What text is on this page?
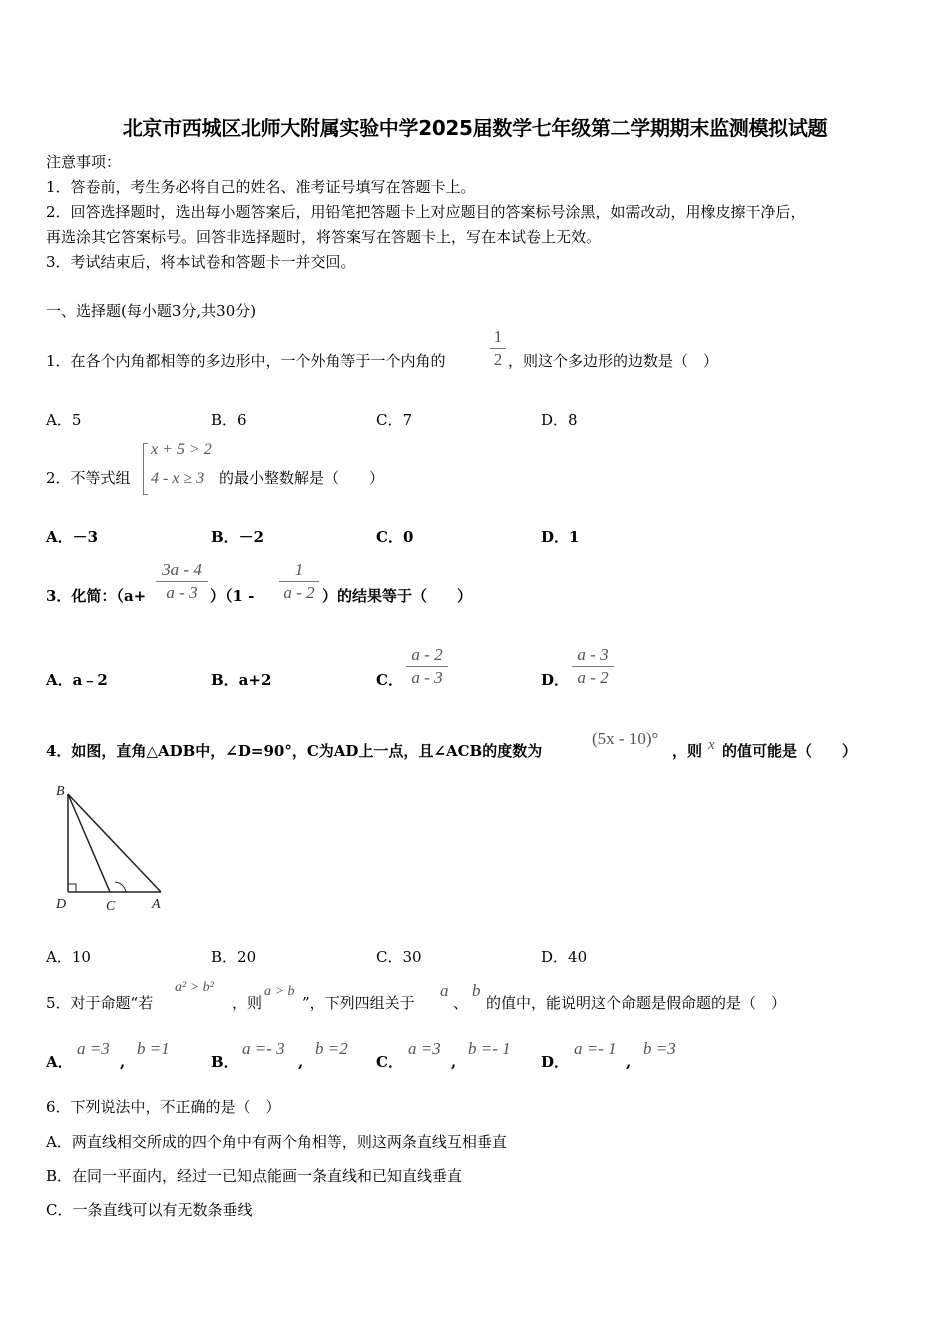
北京市西城区北师大附属实验中学2025届数学七年级第二学期期末监测模拟试题
注意事项：
1．答卷前，考生务必将自己的姓名、准考证号填写在答题卡上。
2．回答选择题时，选出每小题答案后，用铅笔把答题卡上对应题目的答案标号涂黑，如需改动，用橡皮擦干净后，
再选涂其它答案标号。回答非选择题时，将答案写在答题卡上，写在本试卷上无效。
3．考试结束后，将本试卷和答题卡一并交回。
一、选择题(每小题3分,共30分)
1．在各个内角都相等的多边形中，一个外角等于一个内角的
1
2 ，则这个多边形的边数是（　）
A．5	B．6	C．7	D．8
2．不等式组
x + 5 > 2
4 - x ≥ 3 的最小整数解是（　　）
A．－3	B．－2	C．0	D．1
3．化简：（a+
3a - 4
a - 3 ）（1 -
1
a - 2 ）的结果等于（　　）
A．a﹣2	B．a+2	C．
a - 2
a - 3	D．
a - 3
a - 2
4．如图，直角△ADB中，∠D=90°，C为AD上一点，且∠ACB的度数为
(5x - 10)°
，则 x 的值可能是（　　）
B
D	C	A
A．10	B．20	C．30	D．40
5．对于命题“若
a² > b²
，则
a > b
”，下列四组关于
a
、
b
的值中，能说明这个命题是假命题的是（　）
A．
a =3
,
b =1
B．
a =- 3
,
b =2
C．
a =3
,
b =- 1
D．
a =- 1
,
b =3
6．下列说法中，不正确的是（　）
A．两直线相交所成的四个角中有两个角相等，则这两条直线互相垂直
B．在同一平面内，经过一已知点能画一条直线和已知直线垂直
C．一条直线可以有无数条垂线
